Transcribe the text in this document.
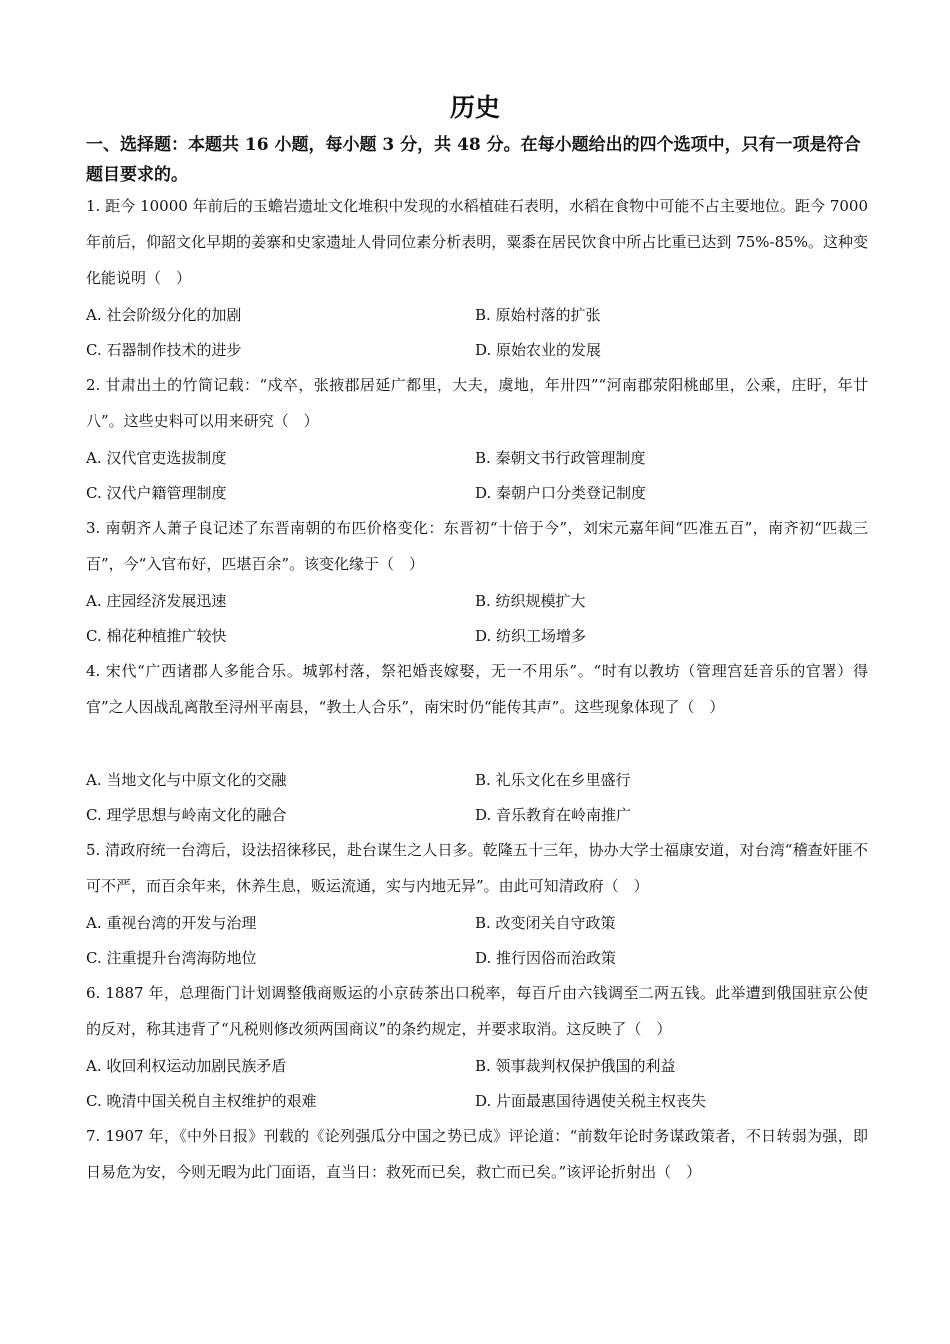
历史
一、选择题：本题共 16 小题，每小题 3 分，共 48 分。在每小题给出的四个选项中，只有一项是符合题目要求的。
1. 距今 10000 年前后的玉蟾岩遗址文化堆积中发现的水稻植硅石表明，水稻在食物中可能不占主要地位。距今 7000 年前后，仰韶文化早期的姜寨和史家遗址人骨同位素分析表明，粟黍在居民饮食中所占比重已达到 75%-85%。这种变化能说明（　）
A. 社会阶级分化的加剧	B. 原始村落的扩张
C. 石器制作技术的进步	D. 原始农业的发展
2. 甘肃出土的竹简记载：“戍卒，张掖郡居延广都里，大夫，虞地，年卅四”“河南郡荥阳桃邮里，公乘，庄盱，年廿八”。这些史料可以用来研究（　）
A. 汉代官吏选拔制度	B. 秦朝文书行政管理制度
C. 汉代户籍管理制度	D. 秦朝户口分类登记制度
3. 南朝齐人萧子良记述了东晋南朝的布匹价格变化：东晋初“十倍于今”，刘宋元嘉年间“匹准五百”，南齐初“匹裁三百”，今“入官布好，匹堪百余”。该变化缘于（　）
A. 庄园经济发展迅速	B. 纺织规模扩大
C. 棉花种植推广较快	D. 纺织工场增多
4. 宋代“广西诸郡人多能合乐。城郭村落，祭祀婚丧嫁娶，无一不用乐”。“时有以教坊（管理宫廷音乐的官署）得官”之人因战乱离散至浔州平南县，“教土人合乐”，南宋时仍“能传其声”。这些现象体现了（　）
A. 当地文化与中原文化的交融	B. 礼乐文化在乡里盛行
C. 理学思想与岭南文化的融合	D. 音乐教育在岭南推广
5. 清政府统一台湾后，设法招徕移民，赴台谋生之人日多。乾隆五十三年，协办大学士福康安道，对台湾“稽查奸匪不可不严，而百余年来，休养生息，贩运流通，实与内地无异”。由此可知清政府（　）
A. 重视台湾的开发与治理	B. 改变闭关自守政策
C. 注重提升台湾海防地位	D. 推行因俗而治政策
6. 1887 年，总理衙门计划调整俄商贩运的小京砖茶出口税率，每百斤由六钱调至二两五钱。此举遭到俄国驻京公使的反对，称其违背了“凡税则修改须两国商议”的条约规定，并要求取消。这反映了（　）
A. 收回利权运动加剧民族矛盾	B. 领事裁判权保护俄国的利益
C. 晚清中国关税自主权维护的艰难	D. 片面最惠国待遇使关税主权丧失
7. 1907 年，《中外日报》刊载的《论列强瓜分中国之势已成》评论道：“前数年论时务谋政策者，不日转弱为强，即日易危为安，今则无暇为此门面语，直当日：救死而已矣，救亡而已矣。”该评论折射出（　）
